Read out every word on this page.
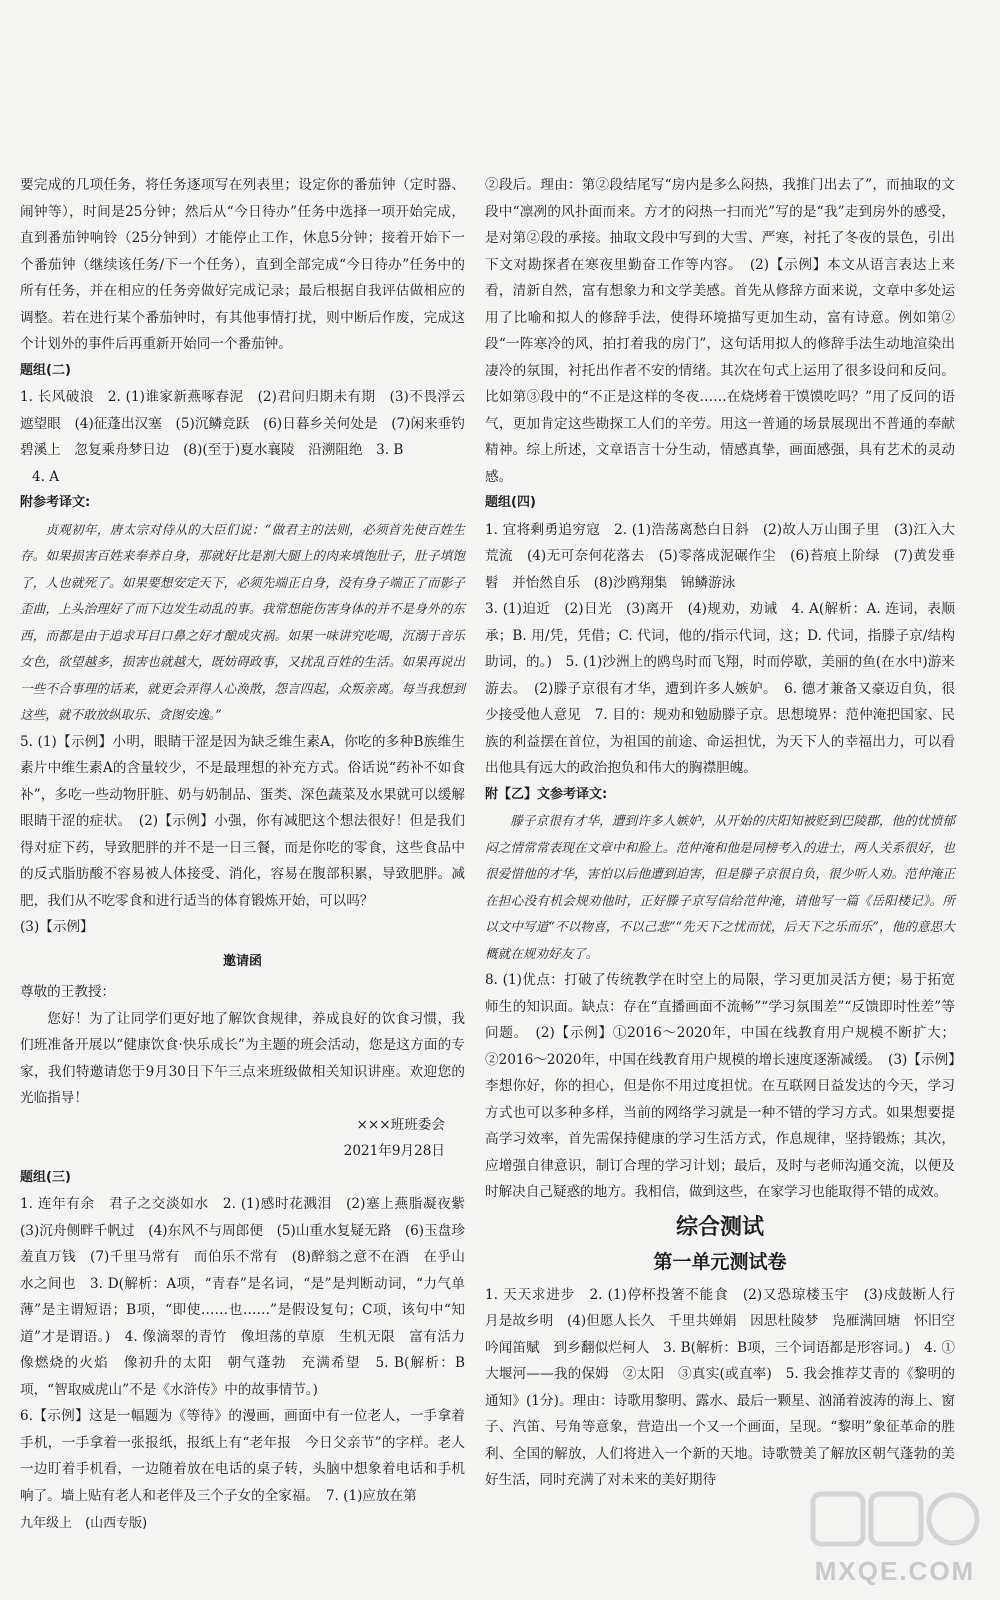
要完成的几项任务，将任务逐项写在列表里；设定你的番茄钟（定时器、闹钟等），时间是25分钟；然后从“今日待办”任务中选择一项开始完成，直到番茄钟响铃（25分钟到）才能停止工作，休息5分钟；接着开始下一个番茄钟（继续该任务/下一个任务），直到全部完成“今日待办”任务中的所有任务，并在相应的任务旁做好完成记录；最后根据自我评估做相应的调整。若在进行某个番茄钟时，有其他事情打扰，则中断后作废，完成这个计划外的事件后再重新开始同一个番茄钟。

题组(二)

1. 长风破浪　2. (1)谁家新燕啄春泥　(2)君问归期未有期　(3)不畏浮云遮望眼　(4)征蓬出汉塞　(5)沉鳞竞跃　(6)日暮乡关何处是　(7)闲来垂钓碧溪上　忽复乘舟梦日边　(8)(至于)夏水襄陵　沿溯阻绝　3. B

4. A

附参考译文:

贞观初年，唐太宗对侍从的大臣们说：“做君主的法则，必须首先使百姓生存。如果损害百姓来奉养自身，那就好比是割大腿上的肉来填饱肚子，肚子填饱了，人也就死了。如果要想安定天下，必须先端正自身，没有身子端正了而影子歪曲，上头治理好了而下边发生动乱的事。我常想能伤害身体的并不是身外的东西，而都是由于追求耳目口鼻之好才酿成灾祸。如果一味讲究吃喝，沉溺于音乐女色，欲望越多，损害也就越大，既妨碍政事，又扰乱百姓的生活。如果再说出一些不合事理的话来，就更会弄得人心涣散，怨言四起，众叛亲离。每当我想到这些，就不敢放纵取乐、贪图安逸。”

5. (1)【示例】小明，眼睛干涩是因为缺乏维生素A，你吃的多种B族维生素片中维生素A的含量较少，不是最理想的补充方式。俗话说“药补不如食补”，多吃一些动物肝脏、奶与奶制品、蛋类、深色蔬菜及水果就可以缓解眼睛干涩的症状。　(2)【示例】小强，你有减肥这个想法很好！但是我们得对症下药，导致肥胖的并不是一日三餐，而是你吃的零食，这些食品中的反式脂肪酸不容易被人体接受、消化，容易在腹部积累，导致肥胖。减肥，我们从不吃零食和进行适当的体育锻炼开始，可以吗？

(3)【示例】

邀请函

尊敬的王教授：

您好！为了让同学们更好地了解饮食规律，养成良好的饮食习惯，我们班准备开展以“健康饮食·快乐成长”为主题的班会活动，您是这方面的专家，我们特邀请您于9月30日下午三点来班级做相关知识讲座。欢迎您的光临指导！

×××班班委会

2021年9月28日

题组(三)

1. 连年有余　君子之交淡如水　2. (1)感时花溅泪　(2)塞上燕脂凝夜紫　(3)沉舟侧畔千帆过　(4)东风不与周郎便　(5)山重水复疑无路　(6)玉盘珍羞直万钱　(7)千里马常有　而伯乐不常有　(8)醉翁之意不在酒　在乎山水之间也　3. D(解析：A项，“青春”是名词，“是”是判断动词，“力气单薄”是主谓短语；B项，“即使……也……”是假设复句；C项，该句中“知道”才是谓语。)　4. 像滴翠的青竹　像坦荡的草原　生机无限　富有活力　像燃烧的火焰　像初升的太阳　朝气蓬勃　充满希望　5. B(解析：B项，“智取威虎山”不是《水浒传》中的故事情节。)

6.【示例】这是一幅题为《等待》的漫画，画面中有一位老人，一手拿着手机，一手拿着一张报纸，报纸上有“老年报　今日父亲节”的字样。老人一边盯着手机看，一边随着放在电话的桌子转，头脑中想象着电话和手机响了。墙上贴有老人和老伴及三个子女的全家福。　7. (1)应放在第

②段后。理由：第②段结尾写“房内是多么闷热，我推门出去了”，而抽取的文段中“凛冽的风扑面而来。方才的闷热一扫而光”写的是“我”走到房外的感受，是对第②段的承接。抽取文段中写到的大雪、严寒，衬托了冬夜的景色，引出下文对勘探者在寒夜里勤奋工作等内容。　(2)【示例】本文从语言表达上来看，清新自然，富有想象力和文学美感。首先从修辞方面来说，文章中多处运用了比喻和拟人的修辞手法，使得环境描写更加生动，富有诗意。例如第②段“一阵寒冷的风，拍打着我的房门”，这句话用拟人的修辞手法生动地渲染出凄冷的氛围，衬托出作者不安的情绪。其次在句式上运用了很多设问和反问。比如第③段中的“不正是这样的冬夜……在烧烤着干馍馍吃吗？”用了反问的语气，更加肯定这些勘探工人们的辛劳。用这一普通的场景展现出不普通的奉献精神。综上所述，文章语言十分生动，情感真挚，画面感强，具有艺术的灵动感。

题组(四)

1. 宜将剩勇追穷寇　2. (1)浩荡离愁白日斜　(2)故人万山围子里　(3)江入大荒流　(4)无可奈何花落去　(5)零落成泥碾作尘　(6)苔痕上阶绿　(7)黄发垂髫　并怡然自乐　(8)沙鸥翔集　锦鳞游泳

3. (1)迫近　(2)日光　(3)离开　(4)规劝，劝诫　4. A(解析：A. 连词，表顺承；B. 用/凭，凭借；C. 代词，他的/指示代词，这；D. 代词，指滕子京/结构助词，的。)　5. (1)沙洲上的鸥鸟时而飞翔，时而停歇，美丽的鱼(在水中)游来游去。　(2)滕子京很有才华，遭到许多人嫉妒。　6. 德才兼备又豪迈自负，很少接受他人意见　7. 目的：规劝和勉励滕子京。思想境界：范仲淹把国家、民族的利益摆在首位，为祖国的前途、命运担忧，为天下人的幸福出力，可以看出他具有远大的政治抱负和伟大的胸襟胆魄。

附【乙】文参考译文:

滕子京很有才华，遭到许多人嫉妒，从开始的庆阳知被贬到巴陵郡，他的忧愤郁闷之情常常表现在文章中和脸上。范仲淹和他是同榜考入的进士，两人关系很好，也很爱惜他的才华，害怕以后他遭到迫害，但是滕子京很自负，很少听人劝。范仲淹正在担心没有机会规劝他时，正好滕子京写信给范仲淹，请他写一篇《岳阳楼记》。所以文中写道“不以物喜，不以己悲”“先天下之忧而忧，后天下之乐而乐”，他的意思大概就在规劝好友了。

8. (1)优点：打破了传统教学在时空上的局限，学习更加灵活方便；易于拓宽师生的知识面。缺点：存在“直播画面不流畅”“学习氛围差”“反馈即时性差”等问题。　(2)【示例】①2016～2020年，中国在线教育用户规模不断扩大；②2016～2020年，中国在线教育用户规模的增长速度逐渐减缓。　(3)【示例】李想你好，你的担心，但是你不用过度担忧。在互联网日益发达的今天，学习方式也可以多种多样，当前的网络学习就是一种不错的学习方式。如果想要提高学习效率，首先需保持健康的学习生活方式，作息规律，坚持锻炼；其次，应增强自律意识，制订合理的学习计划；最后，及时与老师沟通交流，以便及时解决自己疑惑的地方。我相信，做到这些，在家学习也能取得不错的成效。

综合测试
第一单元测试卷

1. 天天求进步　2. (1)停杯投箸不能食　(2)又恐琼楼玉宇　(3)戍鼓断人行　月是故乡明　(4)但愿人长久　千里共婵娟　因思杜陵梦　凫雁满回塘　怀旧空吟闻笛赋　到乡翻似烂柯人　3. B(解析：B项，三个词语都是形容词。)　4. ①大堰河——我的保姆　②太阳　③真实(或直率)　5. 我会推荐艾青的《黎明的通知》(1分)。理由：诗歌用黎明、露水、最后一颗星、汹涌着波涛的海上、窗子、汽笛、号角等意象，营造出一个又一个画面，呈现。“黎明”象征革命的胜利、全国的解放，人们将进入一个新的天地。诗歌赞美了解放区朝气蓬勃的美好生活，同时充满了对未来的美好期待

九年级上　(山西专版)
MXQE.COM
